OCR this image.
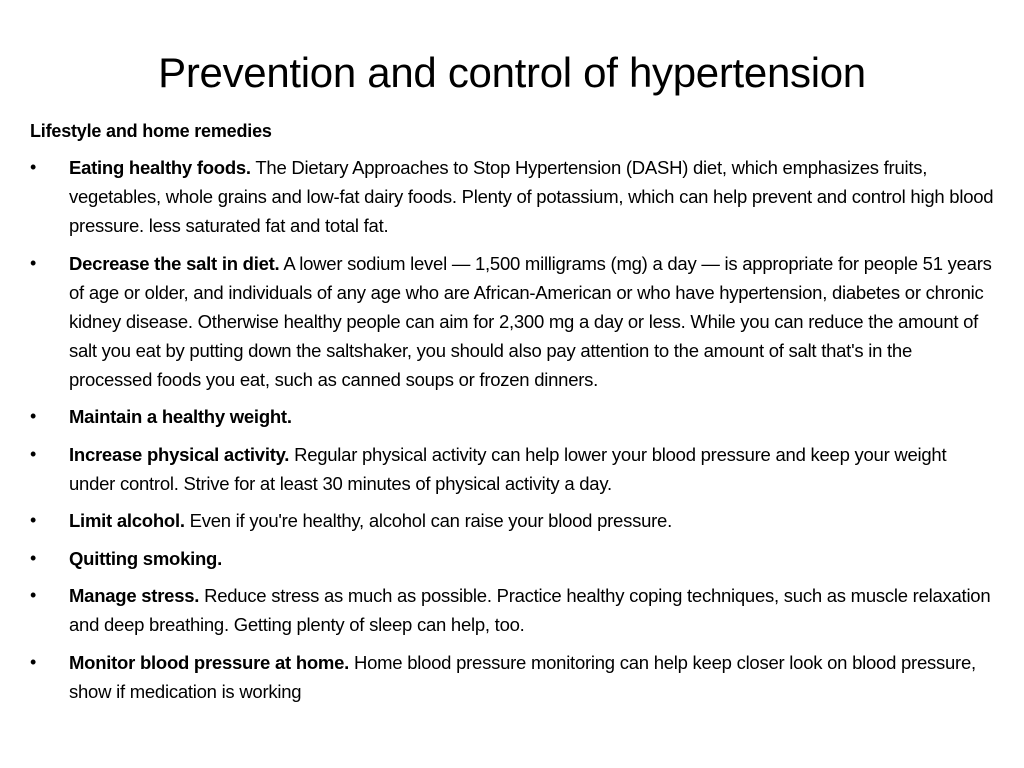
Prevention and control of hypertension
Lifestyle and home remedies
•	Eating healthy foods. The Dietary Approaches to Stop Hypertension (DASH) diet, which emphasizes fruits, vegetables, whole grains and low-fat dairy foods. Plenty of potassium, which can help prevent and control high blood pressure. less saturated fat and total fat.
•	Decrease the salt in diet. A lower sodium level — 1,500 milligrams (mg) a day — is appropriate for people 51 years of age or older, and individuals of any age who are African-American or who have hypertension, diabetes or chronic kidney disease. Otherwise healthy people can aim for 2,300 mg a day or less. While you can reduce the amount of salt you eat by putting down the saltshaker, you should also pay attention to the amount of salt that's in the processed foods you eat, such as canned soups or frozen dinners.
•	Maintain a healthy weight.
•	Increase physical activity. Regular physical activity can help lower your blood pressure and keep your weight under control. Strive for at least 30 minutes of physical activity a day.
•	Limit alcohol. Even if you're healthy, alcohol can raise your blood pressure.
•	Quitting smoking.
•	Manage stress. Reduce stress as much as possible. Practice healthy coping techniques, such as muscle relaxation and deep breathing. Getting plenty of sleep can help, too.
•	Monitor blood pressure at home. Home blood pressure monitoring can help keep closer look on blood pressure, show if medication is working
